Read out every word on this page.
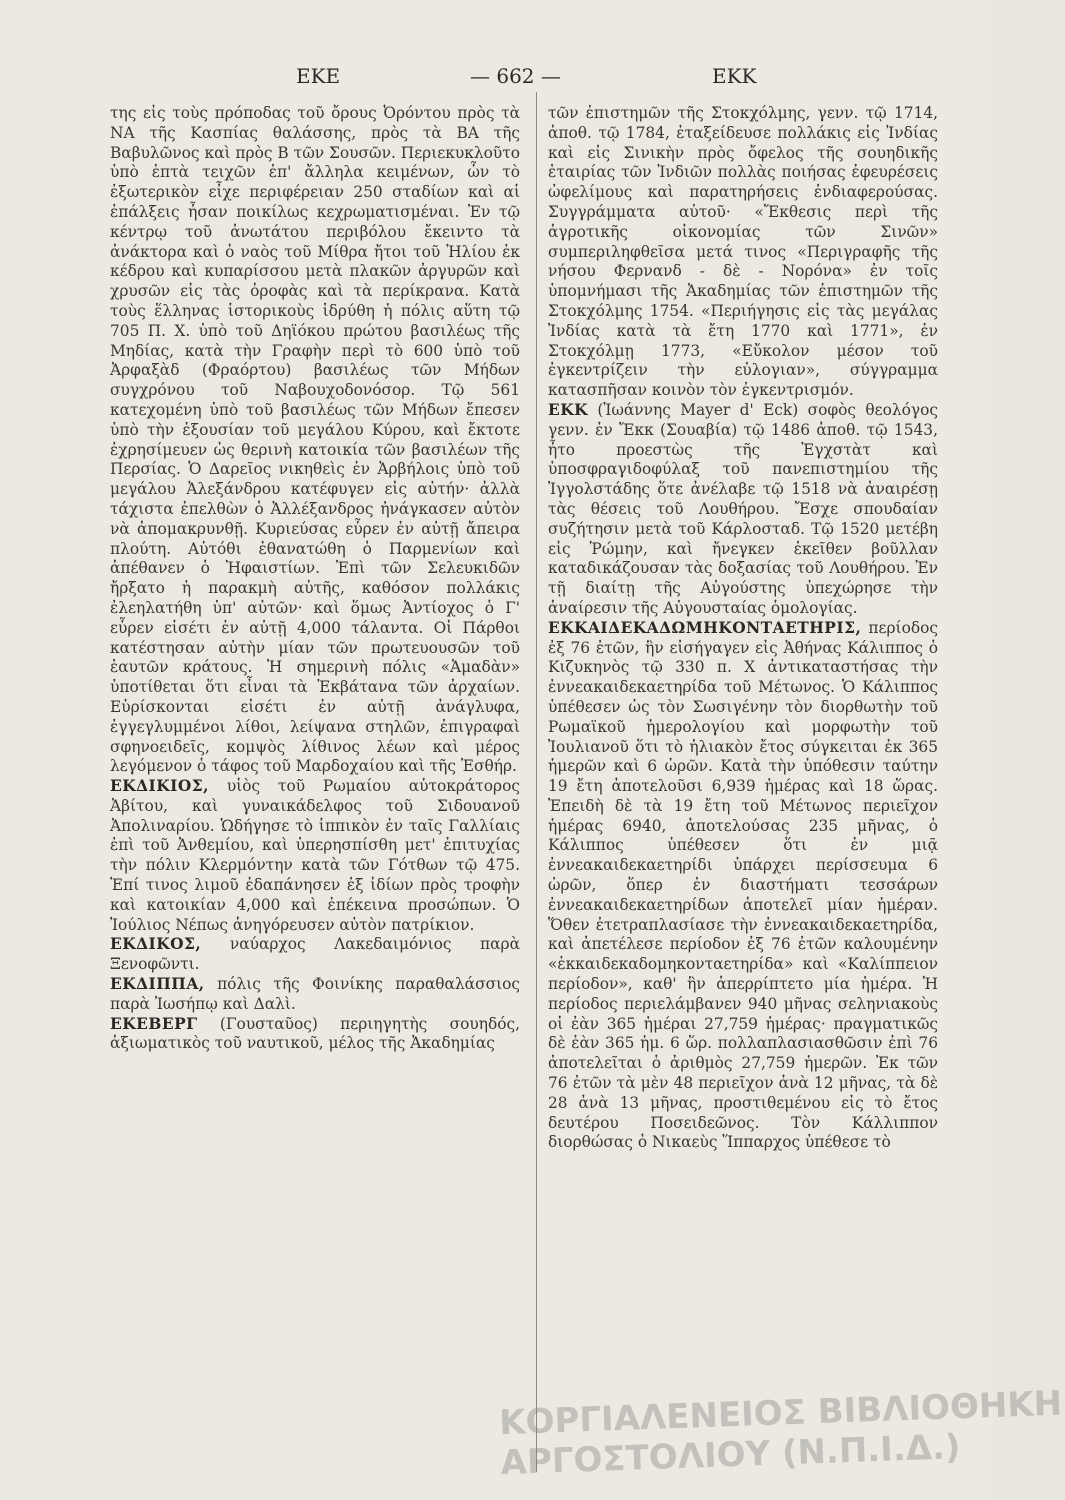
ΕΚΕ	— 662 —	ΕΚΚ

της εἰς τοὺς πρόποδας τοῦ ὄρους Ὀρόντου πρὸς τὰ ΝΑ τῆς Κασπίας θαλάσσης, πρὸς τὰ ΒΑ τῆς Βαβυλῶνος καὶ πρὸς Β τῶν Σουσῶν. Περιεκυκλοῦτο ὑπὸ ἑπτὰ τειχῶν ἐπ' ἄλληλα κειμένων, ὧν τὸ ἐξωτερικὸν εἶχε περιφέρειαν 250 σταδίων καὶ αἱ ἐπάλξεις ἦσαν ποικίλως κεχρωματισμέναι. Ἐν τῷ κέντρῳ τοῦ ἀνωτάτου περιβόλου ἔκειντο τὰ ἀνάκτορα καὶ ὁ ναὸς τοῦ Μίθρα ἤτοι τοῦ Ἡλίου ἐκ κέδρου καὶ κυπαρίσσου μετὰ πλακῶν ἀργυρῶν καὶ χρυσῶν εἰς τὰς ὀροφὰς καὶ τὰ περίκρανα. Κατὰ τοὺς ἕλληνας ἱστορικοὺς ἱδρύθη ἡ πόλις αὕτη τῷ 705 Π. Χ. ὑπὸ τοῦ Δηϊόκου πρώτου βασιλέως τῆς Μηδίας, κατὰ τὴν Γραφὴν περὶ τὸ 600 ὑπὸ τοῦ Ἀρφαξὰδ (Φραόρτου) βασιλέως τῶν Μήδων συγχρόνου τοῦ Ναβουχοδονόσορ. Τῷ 561 κατεχομένη ὑπὸ τοῦ βασιλέως τῶν Μήδων ἔπεσεν ὑπὸ τὴν ἐξουσίαν τοῦ μεγάλου Κύρου, καὶ ἔκτοτε ἐχρησίμευεν ὡς θερινὴ κατοικία τῶν βασιλέων τῆς Περσίας. Ὁ Δαρεῖος νικηθεὶς ἐν Ἀρβήλοις ὑπὸ τοῦ μεγάλου Ἀλεξάνδρου κατέφυγεν εἰς αὐτήν· ἀλλὰ τάχιστα ἐπελθὼν ὁ Ἀλλέξανδρος ἠνάγκασεν αὐτὸν νὰ ἀπομακρυνθῇ. Κυριεύσας εὗρεν ἐν αὐτῇ ἄπειρα πλούτη. Αὐτόθι ἐθανατώθη ὁ Παρμενίων καὶ ἀπέθανεν ὁ Ἡφαιστίων. Ἐπὶ τῶν Σελευκιδῶν ἤρξατο ἡ παρακμὴ αὐτῆς, καθόσον πολλάκις ἐλεηλατήθη ὑπ' αὐτῶν· καὶ ὅμως Ἀντίοχος ὁ Γ' εὗρεν εἰσέτι ἐν αὐτῇ 4,000 τάλαντα. Οἱ Πάρθοι κατέστησαν αὐτὴν μίαν τῶν πρωτευουσῶν τοῦ ἑαυτῶν κράτους. Ἡ σημερινὴ πόλις «Ἀμαδὰν» ὑποτίθεται ὅτι εἶναι τὰ Ἐκβάτανα τῶν ἀρχαίων. Εὑρίσκονται εἰσέτι ἐν αὐτῇ ἀνάγλυφα, ἐγγεγλυμμένοι λίθοι, λείψανα στηλῶν, ἐπιγραφαὶ σφηνοειδεῖς, κομψὸς λίθινος λέων καὶ μέρος λεγόμενον ὁ τάφος τοῦ Μαρδοχαίου καὶ τῆς Ἐσθήρ.

ΕΚΔΙΚΙΟΣ, υἱὸς τοῦ Ρωμαίου αὐτοκράτορος Ἀβίτου, καὶ γυναικάδελφος τοῦ Σιδουανοῦ Ἀπολιναρίου. Ὡδήγησε τὸ ἱππικὸν ἐν ταῖς Γαλλίαις ἐπὶ τοῦ Ἀνθεμίου, καὶ ὑπερησπίσθη μετ' ἐπιτυχίας τὴν πόλιν Κλερμόντην κατὰ τῶν Γότθων τῷ 475. Ἐπί τινος λιμοῦ ἐδαπάνησεν ἐξ ἰδίων πρὸς τροφὴν καὶ κατοικίαν 4,000 καὶ ἐπέκεινα προσώπων. Ὁ Ἰούλιος Νέπως ἀνηγόρευσεν αὐτὸν πατρίκιον.

ΕΚΔΙΚΟΣ, ναύαρχος Λακεδαιμόνιος παρὰ Ξενοφῶντι.

ΕΚΔΙΠΠΑ, πόλις τῆς Φοινίκης παραθαλάσσιος παρὰ Ἰωσήπῳ καὶ Δαλὶ.

ΕΚΕΒΕΡΓ (Γουσταῦος) περιηγητὴς σουηδός, ἀξιωματικὸς τοῦ ναυτικοῦ, μέλος τῆς Ἀκαδημίας

τῶν ἐπιστημῶν τῆς Στοκχόλμης, γενν. τῷ 1714, ἀποθ. τῷ 1784, ἐταξείδευσε πολλάκις εἰς Ἰνδίας καὶ εἰς Σινικὴν πρὸς ὄφελος τῆς σουηδικῆς ἑταιρίας τῶν Ἰνδιῶν πολλὰς ποιήσας ἐφευρέσεις ὠφελίμους καὶ παρατηρήσεις ἐνδιαφερούσας. Συγγράμματα αὐτοῦ· «Ἔκθεσις περὶ τῆς ἀγροτικῆς οἰκονομίας τῶν Σινῶν» συμπεριληφθεῖσα μετά τινος «Περιγραφῆς τῆς νήσου Φερνανδ - δὲ - Νορόνα» ἐν τοῖς ὑπομνήμασι τῆς Ἀκαδημίας τῶν ἐπιστημῶν τῆς Στοκχόλμης 1754. «Περιήγησις εἰς τὰς μεγάλας Ἰνδίας κατὰ τὰ ἔτη 1770 καὶ 1771», ἐν Στοκχόλμῃ 1773, «Εὔκολον μέσον τοῦ ἐγκεντρίζειν τὴν εὐλογιαν», σύγγραμμα κατασπῆσαν κοινὸν τὸν ἐγκεντρισμόν.

ΕΚΚ (Ἰωάννης Mayer d' Eck) σοφὸς θεολόγος γενν. ἐν Ἔκκ (Σουαβία) τῷ 1486 ἀποθ. τῷ 1543, ἦτο προεστὼς τῆς Ἐγχστὰτ καὶ ὑποσφραγιδοφύλαξ τοῦ πανεπιστημίου τῆς Ἰγγολστάδης ὅτε ἀνέλαβε τῷ 1518 νὰ ἀναιρέσῃ τὰς θέσεις τοῦ Λουθήρου. Ἔσχε σπουδαίαν συζήτησιν μετὰ τοῦ Κάρλοσταδ. Τῷ 1520 μετέβη εἰς Ῥώμην, καὶ ἤνεγκεν ἐκεῖθεν βοῦλλαν καταδικάζουσαν τὰς δοξασίας τοῦ Λουθήρου. Ἐν τῇ διαίτῃ τῆς Αὐγούστης ὑπεχώρησε τὴν ἀναίρεσιν τῆς Αὐγουσταίας ὁμολογίας.

ΕΚΚΑΙΔΕΚΑΔΩΜΗΚΟΝΤΑΕΤΗΡΙΣ, περίοδος ἐξ 76 ἐτῶν, ἣν εἰσήγαγεν εἰς Ἀθήνας Κάλιππος ὁ Κιζυκηνὸς τῷ 330 π. Χ ἀντικαταστήσας τὴν ἐννεακαιδεκαετηρίδα τοῦ Μέτωνος. Ὁ Κάλιππος ὑπέθεσεν ὡς τὸν Σωσιγένην τὸν διορθωτὴν τοῦ Ρωμαϊκοῦ ἡμερολογίου καὶ μορφωτὴν τοῦ Ἰουλιανοῦ ὅτι τὸ ἡλιακὸν ἔτος σύγκειται ἐκ 365 ἡμερῶν καὶ 6 ὡρῶν. Κατὰ τὴν ὑπόθεσιν ταύτην 19 ἔτη ἀποτελοῦσι 6,939 ἡμέρας καὶ 18 ὥρας. Ἐπειδὴ δὲ τὰ 19 ἔτη τοῦ Μέτωνος περιεῖχον ἡμέρας 6940, ἀποτελούσας 235 μῆνας, ὁ Κάλιππος ὑπέθεσεν ὅτι ἐν μιᾷ ἐννεακαιδεκαετηρίδι ὑπάρχει περίσσευμα 6 ὡρῶν, ὅπερ ἐν διαστήματι τεσσάρων ἐννεακαιδεκαετηρίδων ἀποτελεῖ μίαν ἡμέραν. Ὅθεν ἐτετραπλασίασε τὴν ἐννεακαιδεκαετηρίδα, καὶ ἀπετέλεσε περίοδον ἐξ 76 ἐτῶν καλουμένην «ἑκκαιδεκαδομηκονταετηρίδα» καὶ «Καλίππειον περίοδον», καθ' ἣν ἀπερρίπτετο μία ἡμέρα. Ἡ περίοδος περιελάμβανεν 940 μῆνας σεληνιακοὺς οἱ ἐὰν 365 ἡμέραι 27,759 ἡμέρας· πραγματικῶς δὲ ἐὰν 365 ἡμ. 6 ὥρ. πολλαπλασιασθῶσιν ἐπὶ 76 ἀποτελεῖται ὁ ἀριθμὸς 27,759 ἡμερῶν. Ἐκ τῶν 76 ἐτῶν τὰ μὲν 48 περιεῖχον ἀνὰ 12 μῆνας, τὰ δὲ 28 ἀνὰ 13 μῆνας, προστιθεμένου εἰς τὸ ἔτος δευτέρου Ποσειδεῶνος. Τὸν Κάλλιππον διορθώσας ὁ Νικαεὺς Ἵππαρχος ὑπέθεσε τὸ

ΚΟΡΓΙΑΛΕΝΕΙΟΣ ΒΙΒΛΙΟΘΗΚΗ
ΑΡΓΟΣΤΟΛΙΟΥ (Ν.Π.Ι.Δ.)
